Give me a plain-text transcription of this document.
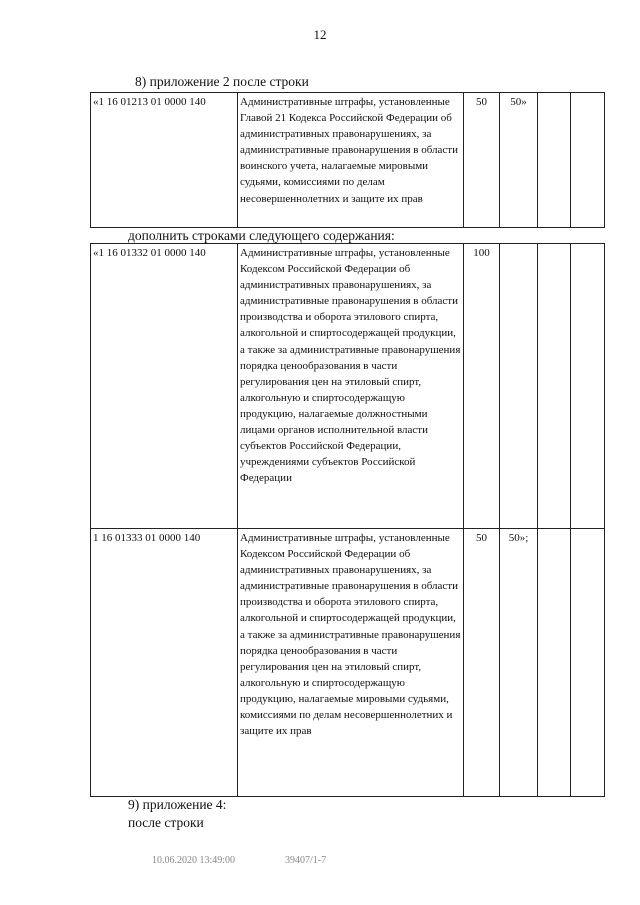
12
8) приложение 2 после строки
«1 16 01213 01 0000 140	Административные штрафы, установленные Главой 21 Кодекса Российской Федерации об административных правонарушениях, за административные правонарушения в области воинского учета, налагаемые мировыми судьями, комиссиями по делам несовершеннолетних и защите их прав	50	50»		
дополнить строками следующего содержания:
«1 16 01332 01 0000 140	Административные штрафы, установленные Кодексом Российской Федерации об административных правонарушениях, за административные правонарушения в области производства и оборота этилового спирта, алкогольной и спиртосодержащей продукции, а также за административные правонарушения порядка ценообразования в части регулирования цен на этиловый спирт, алкогольную и спиртосодержащую продукцию, налагаемые должностными лицами органов исполнительной власти субъектов Российской Федерации, учреждениями субъектов Российской Федерации	100			
1 16 01333 01 0000 140	Административные штрафы, установленные Кодексом Российской Федерации об административных правонарушениях, за административные правонарушения в области производства и оборота этилового спирта, алкогольной и спиртосодержащей продукции, а также за административные правонарушения порядка ценообразования в части регулирования цен на этиловый спирт, алкогольную и спиртосодержащую продукцию, налагаемые мировыми судьями, комиссиями по делам несовершеннолетних и защите их прав	50	50»;		
9) приложение 4:
после строки
10.06.2020 13:49:00	39407/1-7
